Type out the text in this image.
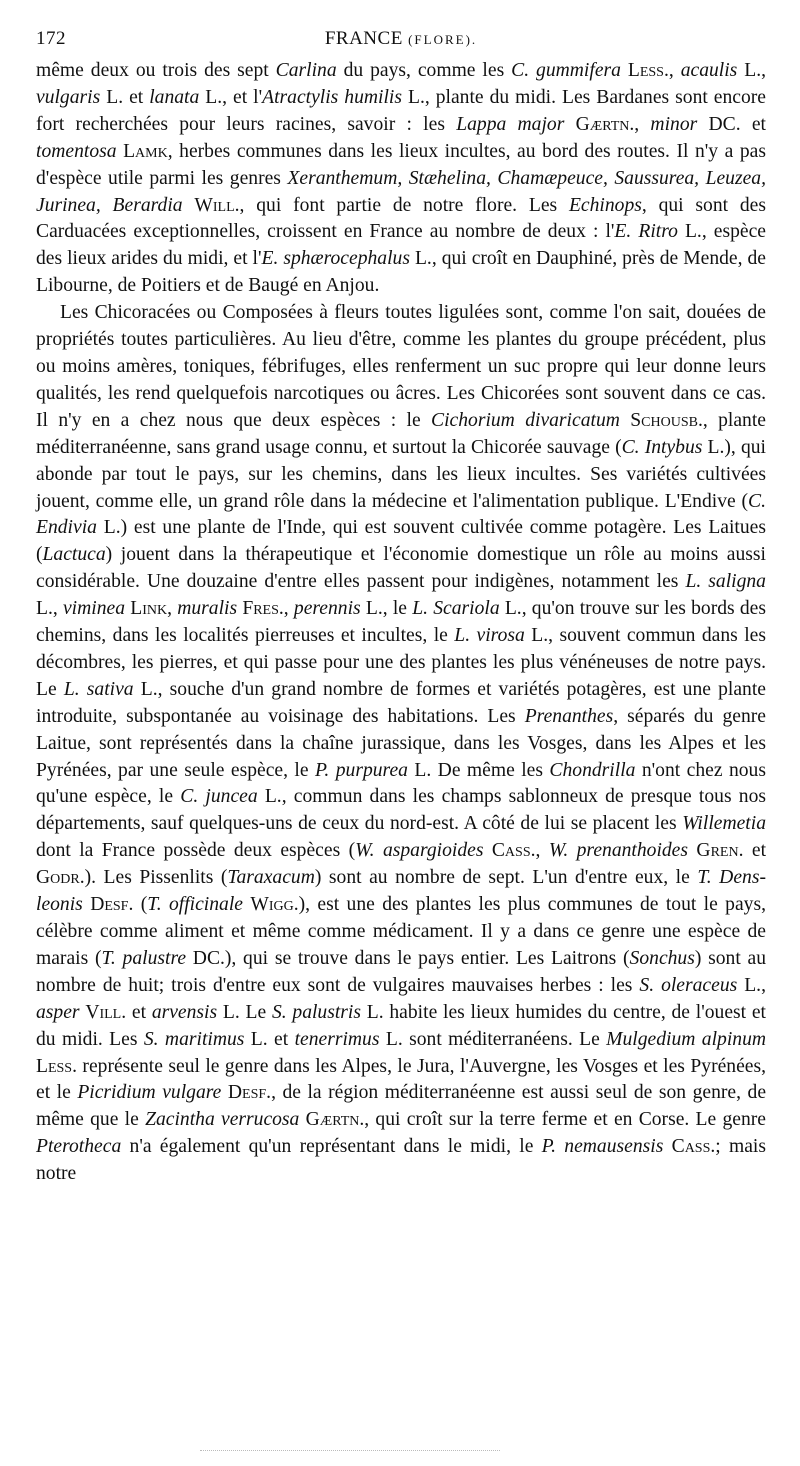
172	FRANCE (FLORE).

même deux ou trois des sept Carlina du pays, comme les C. gummifera Less., acaulis L., vulgaris L. et lanata L., et l'Atractylis humilis L., plante du midi. Les Bardanes sont encore fort recherchées pour leurs racines, savoir : les Lappa major Gærtn., minor DC. et tomentosa Lamk, herbes communes dans les lieux incultes, au bord des routes. Il n'y a pas d'espèce utile parmi les genres Xeranthemum, Stæhelina, Chamæpeuce, Saussurea, Leuzea, Jurinea, Berardia Will., qui font partie de notre flore. Les Echinops, qui sont des Carduacées exceptionnelles, croissent en France au nombre de deux : l'E. Ritro L., espèce des lieux arides du midi, et l'E. sphærocephalus L., qui croît en Dauphiné, près de Mende, de Libourne, de Poitiers et de Baugé en Anjou.

Les Chicoracées ou Composées à fleurs toutes ligulées sont, comme l'on sait, douées de propriétés toutes particulières. Au lieu d'être, comme les plantes du groupe précédent, plus ou moins amères, toniques, fébrifuges, elles renferment un suc propre qui leur donne leurs qualités, les rend quelquefois narcotiques ou âcres. Les Chicorées sont souvent dans ce cas. Il n'y en a chez nous que deux espèces : le Cichorium divaricatum Schousb., plante méditerranéenne, sans grand usage connu, et surtout la Chicorée sauvage (C. Intybus L.), qui abonde par tout le pays, sur les chemins, dans les lieux incultes. Ses variétés cultivées jouent, comme elle, un grand rôle dans la médecine et l'alimentation publique. L'Endive (C. Endivia L.) est une plante de l'Inde, qui est souvent cultivée comme potagère. Les Laitues (Lactuca) jouent dans la thérapeutique et l'économie domestique un rôle au moins aussi considérable. Une douzaine d'entre elles passent pour indigènes, notamment les L. saligna L., viminea Link, muralis Fres., perennis L., le L. Scariola L., qu'on trouve sur les bords des chemins, dans les localités pierreuses et incultes, le L. virosa L., souvent commun dans les décombres, les pierres, et qui passe pour une des plantes les plus vénéneuses de notre pays. Le L. sativa L., souche d'un grand nombre de formes et variétés potagères, est une plante introduite, subspontanée au voisinage des habitations. Les Prenanthes, séparés du genre Laitue, sont représentés dans la chaîne jurassique, dans les Vosges, dans les Alpes et les Pyrénées, par une seule espèce, le P. purpurea L. De même les Chondrilla n'ont chez nous qu'une espèce, le C. juncea L., commun dans les champs sablonneux de presque tous nos départements, sauf quelques-uns de ceux du nord-est. A côté de lui se placent les Willemetia dont la France possède deux espèces (W. aspargioides Cass., W. prenanthoides Gren. et Godr.). Les Pissenlits (Taraxacum) sont au nombre de sept. L'un d'entre eux, le T. Dens-leonis Desf. (T. officinale Wigg.), est une des plantes les plus communes de tout le pays, célèbre comme aliment et même comme médicament. Il y a dans ce genre une espèce de marais (T. palustre DC.), qui se trouve dans le pays entier. Les Laitrons (Sonchus) sont au nombre de huit; trois d'entre eux sont de vulgaires mauvaises herbes : les S. oleraceus L., asper Vill. et arvensis L. Le S. palustris L. habite les lieux humides du centre, de l'ouest et du midi. Les S. maritimus L. et tenerrimus L. sont méditerranéens. Le Mulgedium alpinum Less. représente seul le genre dans les Alpes, le Jura, l'Auvergne, les Vosges et les Pyrénées, et le Picridium vulgare Desf., de la région méditerranéenne est aussi seul de son genre, de même que le Zacintha verrucosa Gærtn., qui croît sur la terre ferme et en Corse. Le genre Pterotheca n'a également qu'un représentant dans le midi, le P. nemausensis Cass.; mais notre
